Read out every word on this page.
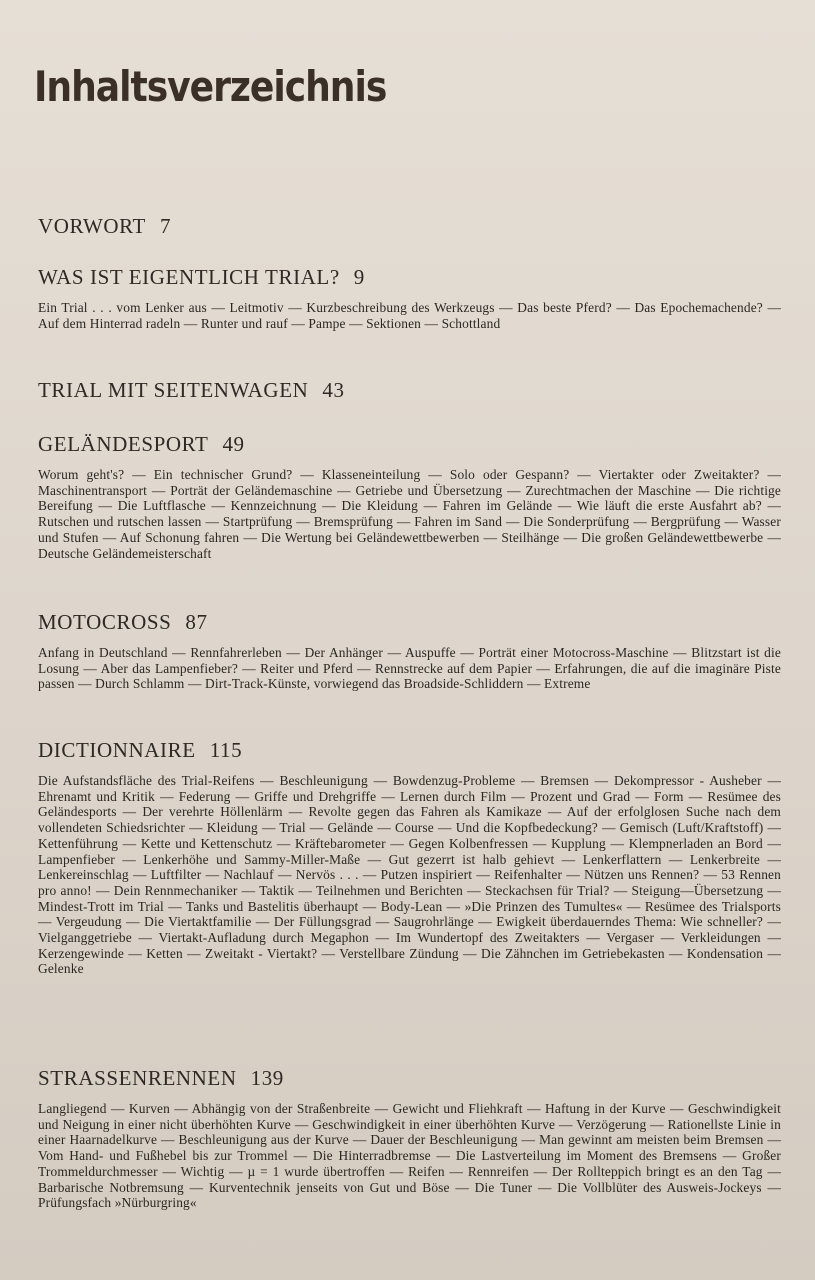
Inhaltsverzeichnis

VORWORT 7

WAS IST EIGENTLICH TRIAL? 9

Ein Trial . . . vom Lenker aus — Leitmotiv — Kurzbeschreibung des Werkzeugs — Das beste Pferd? — Das Epochemachende? — Auf dem Hinterrad radeln — Runter und rauf — Pampe — Sektionen — Schottland

TRIAL MIT SEITENWAGEN 43

GELÄNDESPORT 49

Worum geht's? — Ein technischer Grund? — Klasseneinteilung — Solo oder Gespann? — Viertakter oder Zweitakter? — Maschinentransport — Porträt der Geländemaschine — Getriebe und Übersetzung — Zurechtmachen der Maschine — Die richtige Bereifung — Die Luftflasche — Kennzeichnung — Die Kleidung — Fahren im Gelände — Wie läuft die erste Ausfahrt ab? — Rutschen und rutschen lassen — Startprüfung — Bremsprüfung — Fahren im Sand — Die Sonderprüfung — Bergprüfung — Wasser und Stufen — Auf Schonung fahren — Die Wertung bei Geländewettbewerben — Steilhänge — Die großen Geländewettbewerbe — Deutsche Geländemeisterschaft

MOTOCROSS 87

Anfang in Deutschland — Rennfahrerleben — Der Anhänger — Auspuffe — Porträt einer Motocross-Maschine — Blitzstart ist die Losung — Aber das Lampenfieber? — Reiter und Pferd — Rennstrecke auf dem Papier — Erfahrungen, die auf die imaginäre Piste passen — Durch Schlamm — Dirt-Track-Künste, vorwiegend das Broadside-Schliddern — Extreme

DICTIONNAIRE 115

Die Aufstandsfläche des Trial-Reifens — Beschleunigung — Bowdenzug-Probleme — Bremsen — Dekompressor - Ausheber — Ehrenamt und Kritik — Federung — Griffe und Drehgriffe — Lernen durch Film — Prozent und Grad — Form — Resümee des Geländesports — Der verehrte Höllenlärm — Revolte gegen das Fahren als Kamikaze — Auf der erfolglosen Suche nach dem vollendeten Schiedsrichter — Kleidung — Trial — Gelände — Course — Und die Kopfbedeckung? — Gemisch (Luft/Kraftstoff) — Kettenführung — Kette und Kettenschutz — Kräftebarometer — Gegen Kolbenfressen — Kupplung — Klempnerladen an Bord — Lampenfieber — Lenkerhöhe und Sammy-Miller-Maße — Gut gezerrt ist halb gehievt — Lenkerflattern — Lenkerbreite — Lenkereinschlag — Luftfilter — Nachlauf — Nervös . . . — Putzen inspiriert — Reifenhalter — Nützen uns Rennen? — 53 Rennen pro anno! — Dein Rennmechaniker — Taktik — Teilnehmen und Berichten — Steckachsen für Trial? — Steigung—Übersetzung — Mindest-Trott im Trial — Tanks und Bastelitis überhaupt — Body-Lean — »Die Prinzen des Tumultes« — Resümee des Trialsports — Vergeudung — Die Viertaktfamilie — Der Füllungsgrad — Saugrohrlänge — Ewigkeit überdauerndes Thema: Wie schneller? — Vielganggetriebe — Viertakt-Aufladung durch Megaphon — Im Wundertopf des Zweitakters — Vergaser — Verkleidungen — Kerzengewinde — Ketten — Zweitakt - Viertakt? — Verstellbare Zündung — Die Zähnchen im Getriebekasten — Kondensation — Gelenke

STRASSENRENNEN 139

Langliegend — Kurven — Abhängig von der Straßenbreite — Gewicht und Fliehkraft — Haftung in der Kurve — Geschwindigkeit und Neigung in einer nicht überhöhten Kurve — Geschwindigkeit in einer überhöhten Kurve — Verzögerung — Rationellste Linie in einer Haarnadelkurve — Beschleunigung aus der Kurve — Dauer der Beschleunigung — Man gewinnt am meisten beim Bremsen — Vom Hand- und Fußhebel bis zur Trommel — Die Hinterradbremse — Die Lastverteilung im Moment des Bremsens — Großer Trommeldurchmesser — Wichtig — µ = 1 wurde übertroffen — Reifen — Rennreifen — Der Rollteppich bringt es an den Tag — Barbarische Notbremsung — Kurventechnik jenseits von Gut und Böse — Die Tuner — Die Vollblüter des Ausweis-Jockeys — Prüfungsfach »Nürburgring«
